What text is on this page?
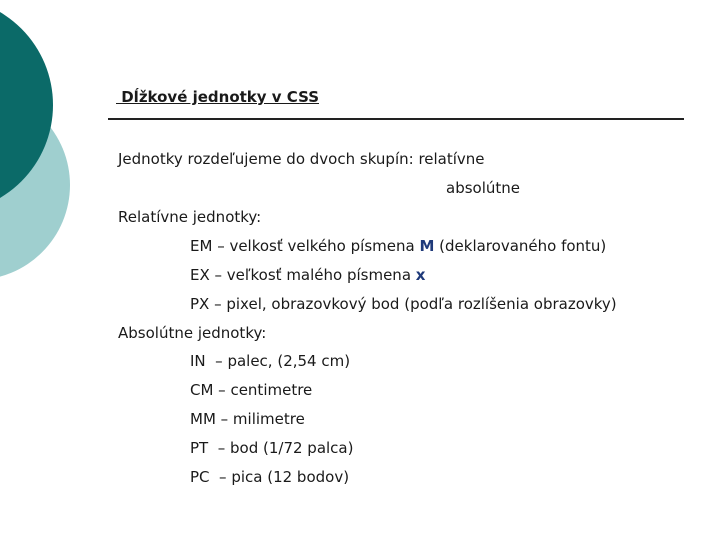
Dĺžkové jednotky v CSS
Jednotky rozdeľujeme do dvoch skupín: relatívne
absolútne
Relatívne jednotky:
EM – velkosť velkého písmena M (deklarovaného fontu)
EX – veľkosť malého písmena x
PX – pixel, obrazovkový bod (podľa rozlíšenia obrazovky)
Absolútne jednotky:
IN  – palec, (2,54 cm)
CM – centimetre
MM – milimetre
PT  – bod (1/72 palca)
PC  – pica (12 bodov)
